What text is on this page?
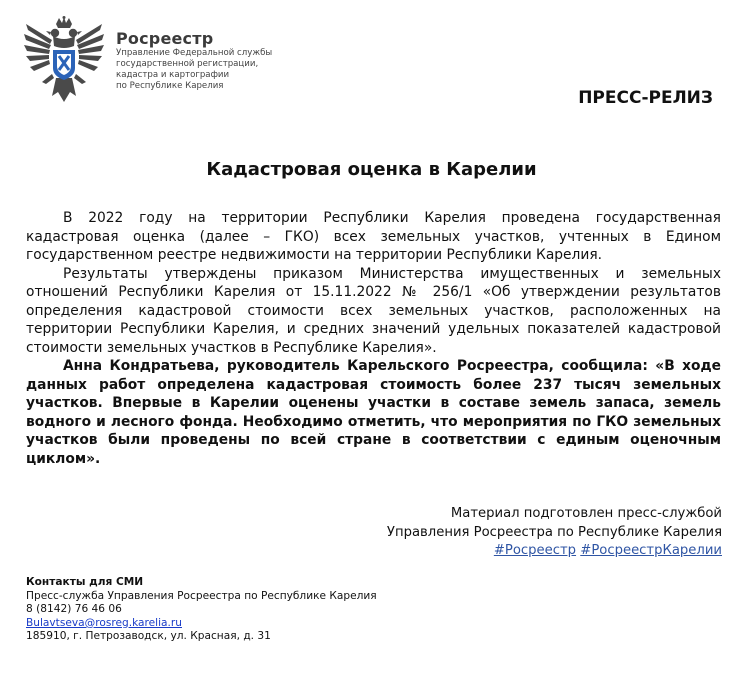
Росреестр
Управление Федеральной службы
государственной регистрации,
кадастра и картографии
по Республике Карелия
ПРЕСС-РЕЛИЗ
Кадастровая оценка в Карелии

В 2022 году на территории Республики Карелия проведена государственная кадастровая оценка (далее – ГКО) всех земельных участков, учтенных в Едином государственном реестре недвижимости на территории Республики Карелия.

Результаты утверждены приказом Министерства имущественных и земельных отношений Республики Карелия от 15.11.2022 № 256/1 «Об утверждении результатов определения кадастровой стоимости всех земельных участков, расположенных на территории Республики Карелия, и средних значений удельных показателей кадастровой стоимости земельных участков в Республике Карелия».

Анна Кондратьева, руководитель Карельского Росреестра, сообщила: «В ходе данных работ определена кадастровая стоимость более 237 тысяч земельных участков. Впервые в Карелии оценены участки в составе земель запаса, земель водного и лесного фонда. Необходимо отметить, что мероприятия по ГКО земельных участков были проведены по всей стране в соответствии с единым оценочным циклом».

Материал подготовлен пресс-службой
Управления Росреестра по Республике Карелия
#Росреестр #РосреестрКарелии
Контакты для СМИ
Пресс-служба Управления Росреестра по Республике Карелия
8 (8142) 76 46 06
Bulavtseva@rosreg.karelia.ru
185910, г. Петрозаводск, ул. Красная, д. 31
